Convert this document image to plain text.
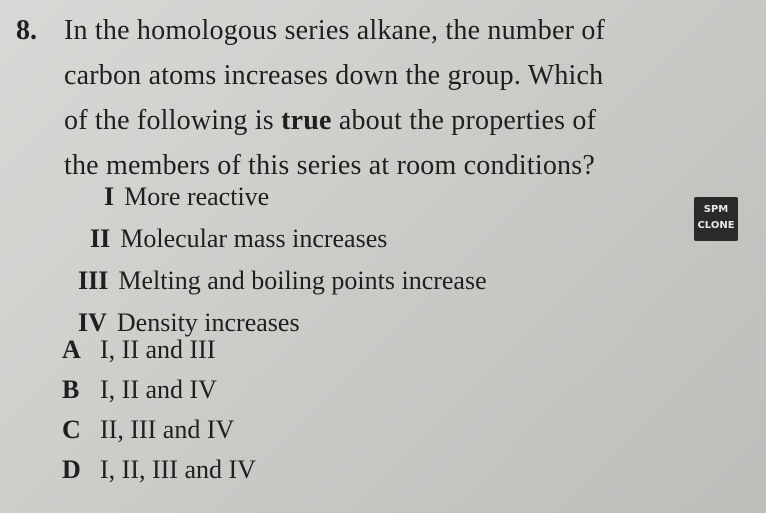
8. In the homologous series alkane, the number of
carbon atoms increases down the group. Which
of the following is true about the properties of
the members of this series at room conditions?
I More reactive
II Molecular mass increases
III Melting and boiling points increase
IV Density increases
A I, II and III
B I, II and IV
C II, III and IV
D I, II, III and IV
SPM
CLONE
